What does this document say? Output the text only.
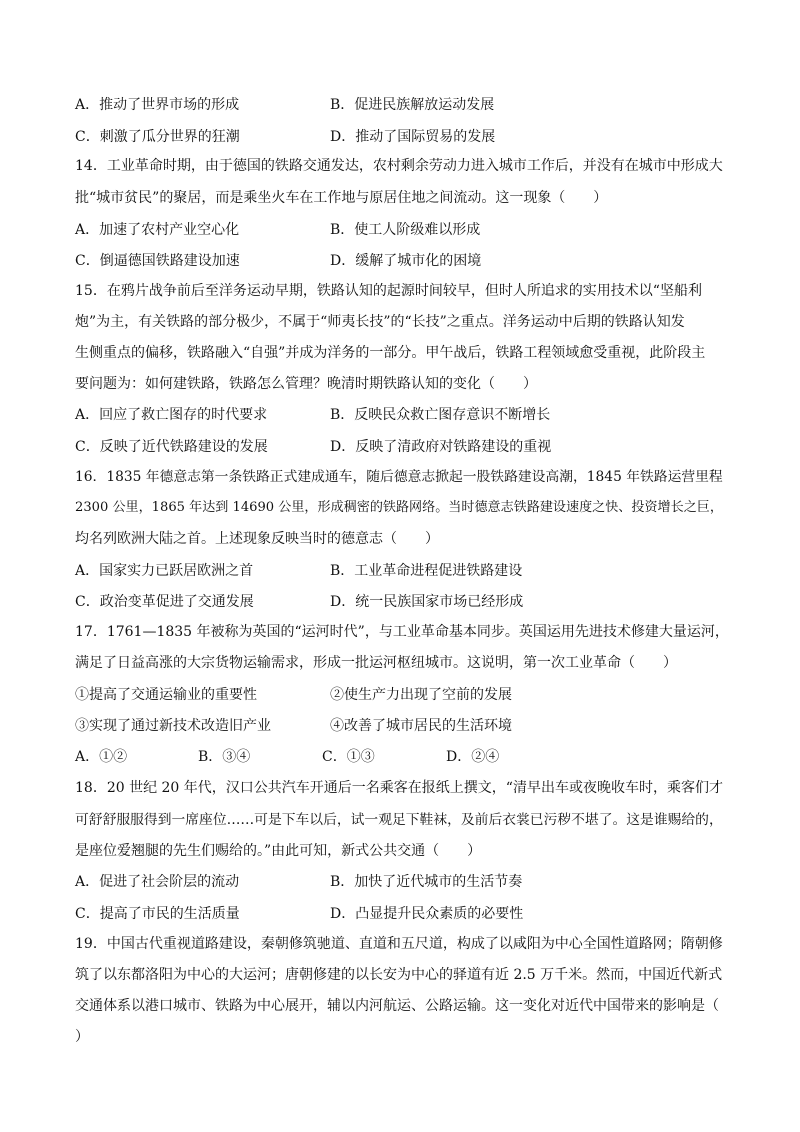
A．推动了世界市场的形成	B．促进民族解放运动发展
C．刺激了瓜分世界的狂潮	D．推动了国际贸易的发展
14．工业革命时期，由于德国的铁路交通发达，农村剩余劳动力进入城市工作后，并没有在城市中形成大
批“城市贫民”的聚居，而是乘坐火车在工作地与原居住地之间流动。这一现象（　　）
A．加速了农村产业空心化	B．使工人阶级难以形成
C．倒逼德国铁路建设加速	D．缓解了城市化的困境
15．在鸦片战争前后至洋务运动早期，铁路认知的起源时间较早，但时人所追求的实用技术以“坚船利
炮”为主，有关铁路的部分极少，不属于“师夷长技”的“长技”之重点。洋务运动中后期的铁路认知发
生侧重点的偏移，铁路融入“自强”并成为洋务的一部分。甲午战后，铁路工程领域愈受重视，此阶段主
要问题为：如何建铁路，铁路怎么管理？晚清时期铁路认知的变化（　　）
A．回应了救亡图存的时代要求	B．反映民众救亡图存意识不断增长
C．反映了近代铁路建设的发展	D．反映了清政府对铁路建设的重视
16．1835 年德意志第一条铁路正式建成通车，随后德意志掀起一股铁路建设高潮，1845 年铁路运营里程
2300 公里，1865 年达到 14690 公里，形成稠密的铁路网络。当时德意志铁路建设速度之快、投资增长之巨，
均名列欧洲大陆之首。上述现象反映当时的德意志（　　）
A．国家实力已跃居欧洲之首	B．工业革命进程促进铁路建设
C．政治变革促进了交通发展	D．统一民族国家市场已经形成
17．1761—1835 年被称为英国的“运河时代”，与工业革命基本同步。英国运用先进技术修建大量运河，
满足了日益高涨的大宗货物运输需求，形成一批运河枢纽城市。这说明，第一次工业革命（　　）
①提高了交通运输业的重要性	②使生产力出现了空前的发展
③实现了通过新技术改造旧产业	④改善了城市居民的生活环境
A．①②	B．③④	C．①③	D．②④
18．20 世纪 20 年代，汉口公共汽车开通后一名乘客在报纸上撰文，“清早出车或夜晚收车时，乘客们才
可舒舒服服得到一席座位……可是下车以后，试一观足下鞋袜，及前后衣裳已污秽不堪了。这是谁赐给的，
是座位爱翘腿的先生们赐给的。”由此可知，新式公共交通（　　）
A．促进了社会阶层的流动	B．加快了近代城市的生活节奏
C．提高了市民的生活质量	D．凸显提升民众素质的必要性
19．中国古代重视道路建设，秦朝修筑驰道、直道和五尺道，构成了以咸阳为中心全国性道路网；隋朝修
筑了以东都洛阳为中心的大运河；唐朝修建的以长安为中心的驿道有近 2.5 万千米。然而，中国近代新式
交通体系以港口城市、铁路为中心展开，辅以内河航运、公路运输。这一变化对近代中国带来的影响是（
）
